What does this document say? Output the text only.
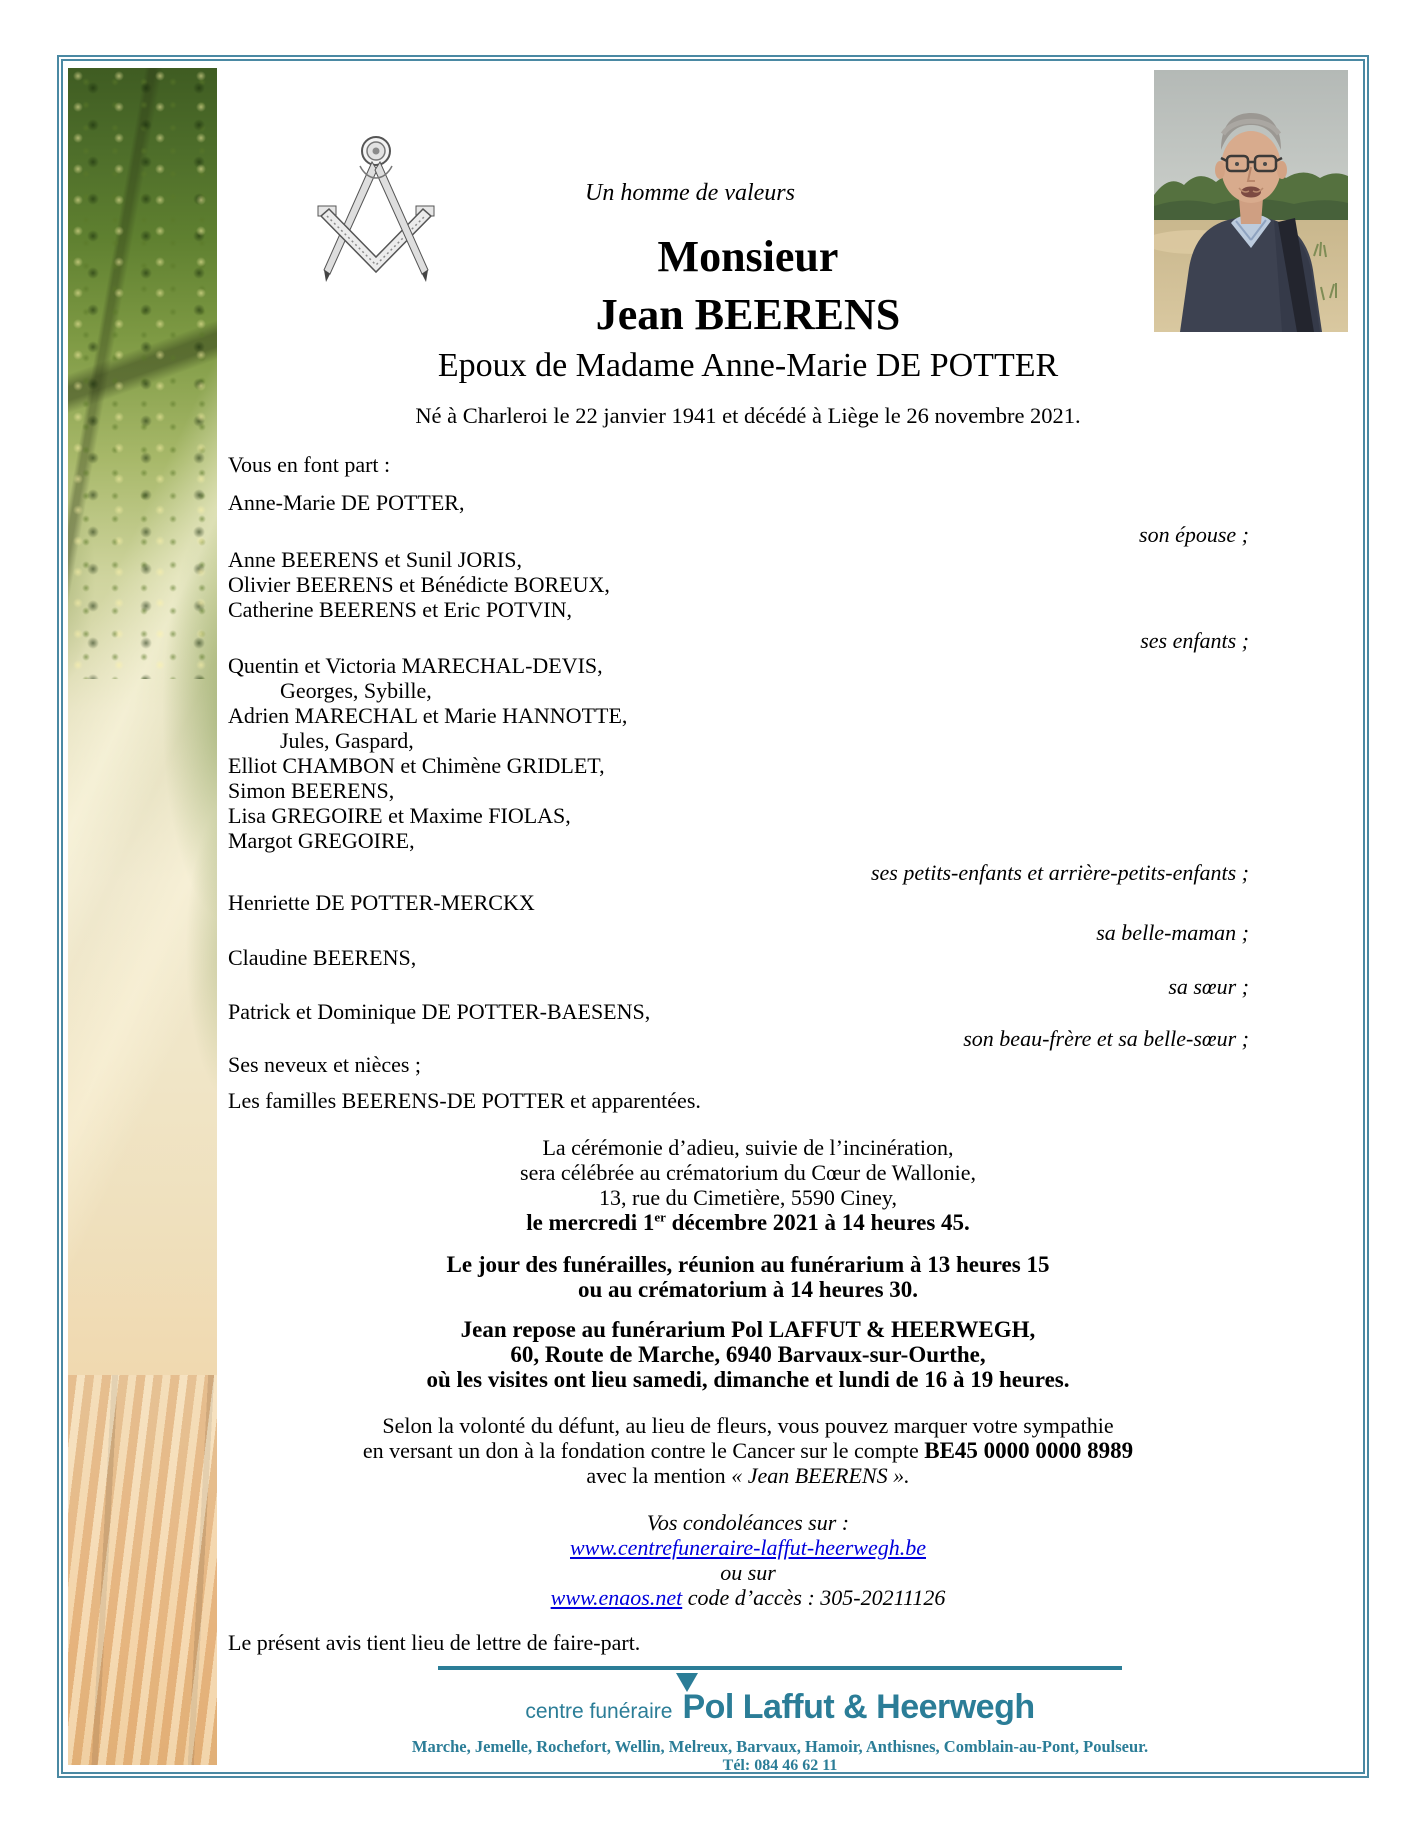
Un homme de valeurs
Monsieur
Jean BEERENS
Epoux de Madame Anne-Marie DE POTTER
Né à Charleroi le 22 janvier 1941 et décédé à Liège le 26 novembre 2021.
Vous en font part :
Anne-Marie DE POTTER,
son épouse ;
Anne BEERENS et Sunil JORIS,
Olivier BEERENS et Bénédicte BOREUX,
Catherine BEERENS et Eric POTVIN,
ses enfants ;
Quentin et Victoria MARECHAL-DEVIS,
Georges, Sybille,
Adrien MARECHAL et Marie HANNOTTE,
Jules, Gaspard,
Elliot CHAMBON et Chimène GRIDLET,
Simon BEERENS,
Lisa GREGOIRE et Maxime FIOLAS,
Margot GREGOIRE,
ses petits-enfants et arrière-petits-enfants ;
Henriette DE POTTER-MERCKX
sa belle-maman ;
Claudine BEERENS,
sa sœur ;
Patrick et Dominique DE POTTER-BAESENS,
son beau-frère et sa belle-sœur ;
Ses neveux et nièces ;
Les familles BEERENS-DE POTTER et apparentées.
La cérémonie d’adieu, suivie de l’incinération,
sera célébrée au crématorium du Cœur de Wallonie,
13, rue du Cimetière, 5590 Ciney,
le mercredi 1er décembre 2021 à 14 heures 45.
Le jour des funérailles, réunion au funérarium à 13 heures 15
ou au crématorium à 14 heures 30.
Jean repose au funérarium Pol LAFFUT & HEERWEGH,
60, Route de Marche, 6940 Barvaux-sur-Ourthe,
où les visites ont lieu samedi, dimanche et lundi de 16 à 19 heures.
Selon la volonté du défunt, au lieu de fleurs, vous pouvez marquer votre sympathie
en versant un don à la fondation contre le Cancer sur le compte BE45 0000 0000 8989
avec la mention « Jean BEERENS ».
Vos condoléances sur :
www.centrefuneraire-laffut-heerwegh.be
ou sur
www.enaos.net code d’accès : 305-20211126
Le présent avis tient lieu de lettre de faire-part.
centre funéraire Pol Laffut & Heerwegh
Marche, Jemelle, Rochefort, Wellin, Melreux, Barvaux, Hamoir, Anthisnes, Comblain-au-Pont, Poulseur.
Tél: 084 46 62 11
